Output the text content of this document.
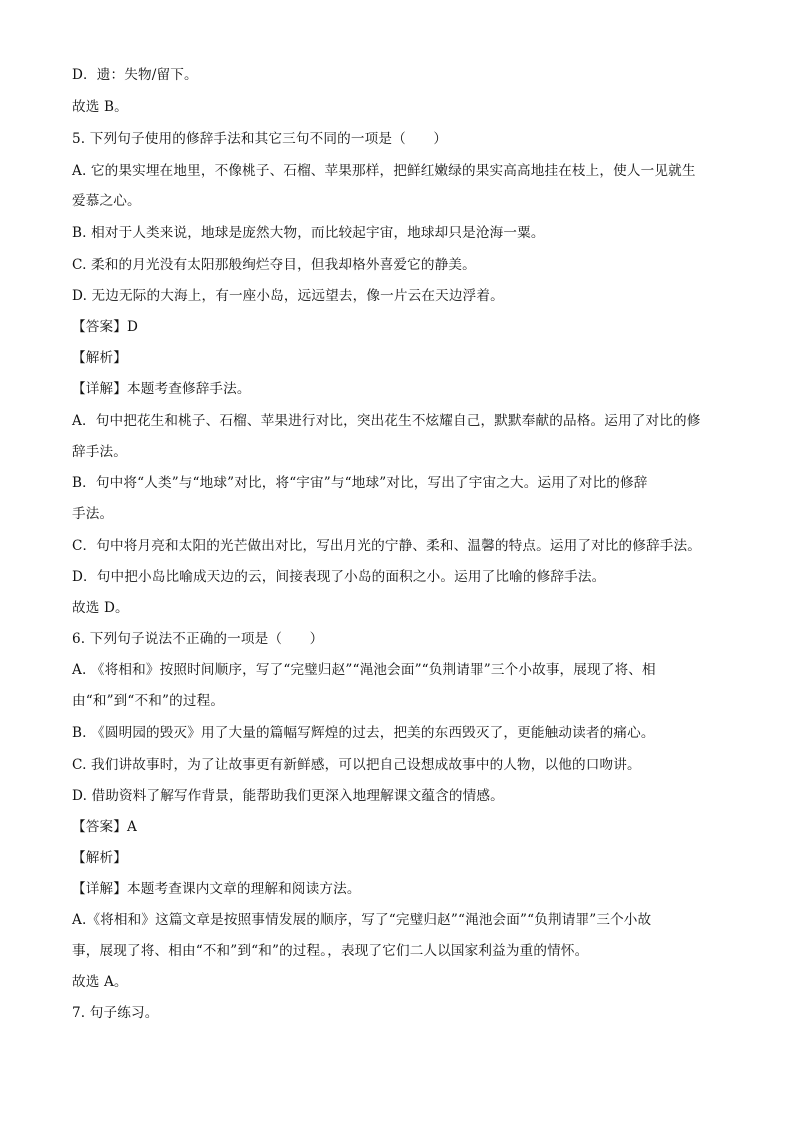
D．遗：失物/留下。
故选 B。
5. 下列句子使用的修辞手法和其它三句不同的一项是（　　）
A. 它的果实埋在地里，不像桃子、石榴、苹果那样，把鲜红嫩绿的果实高高地挂在枝上，使人一见就生
爱慕之心。
B. 相对于人类来说，地球是庞然大物，而比较起宇宙，地球却只是沧海一粟。
C. 柔和的月光没有太阳那般绚烂夺目，但我却格外喜爱它的静美。
D. 无边无际的大海上，有一座小岛，远远望去，像一片云在天边浮着。
【答案】D
【解析】
【详解】本题考查修辞手法。
A．句中把花生和桃子、石榴、苹果进行对比，突出花生不炫耀自己，默默奉献的品格。运用了对比的修
辞手法。
B．句中将“人类”与“地球”对比，将“宇宙”与“地球”对比，写出了宇宙之大。运用了对比的修辞
手法。
C．句中将月亮和太阳的光芒做出对比，写出月光的宁静、柔和、温馨的特点。运用了对比的修辞手法。
D．句中把小岛比喻成天边的云，间接表现了小岛的面积之小。运用了比喻的修辞手法。
故选 D。
6. 下列句子说法不正确的一项是（　　）
A. 《将相和》按照时间顺序，写了“完璧归赵”“渑池会面”“负荆请罪”三个小故事，展现了将、相
由“和”到“不和”的过程。
B. 《圆明园的毁灭》用了大量的篇幅写辉煌的过去，把美的东西毁灭了，更能触动读者的痛心。
C. 我们讲故事时，为了让故事更有新鲜感，可以把自己设想成故事中的人物，以他的口吻讲。
D. 借助资料了解写作背景，能帮助我们更深入地理解课文蕴含的情感。
【答案】A
【解析】
【详解】本题考查课内文章的理解和阅读方法。
A.《将相和》这篇文章是按照事情发展的顺序，写了“完璧归赵”“渑池会面”“负荆请罪”三个小故
事，展现了将、相由“不和”到“和”的过程。，表现了它们二人以国家利益为重的情怀。
故选 A。
7. 句子练习。
